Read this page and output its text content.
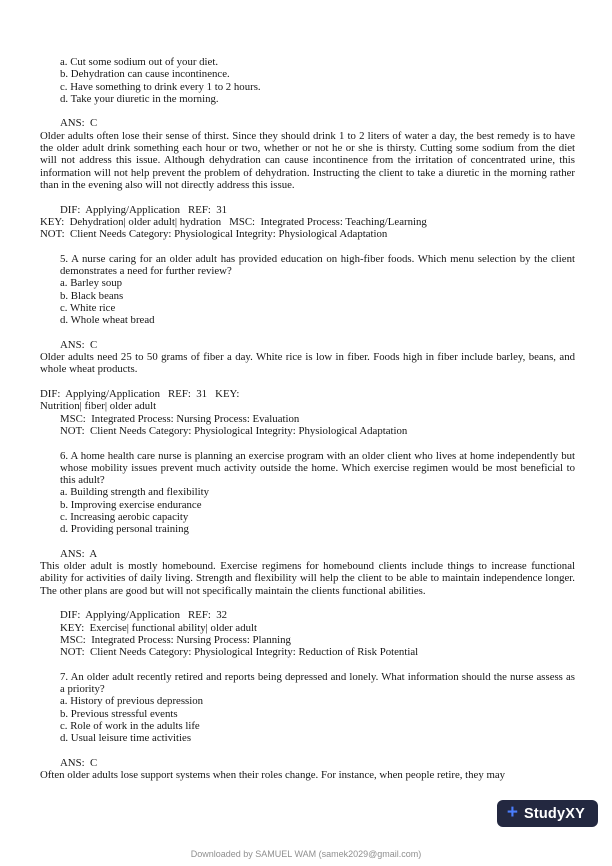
a. Cut some sodium out of your diet.
b. Dehydration can cause incontinence.
c. Have something to drink every 1 to 2 hours.
d. Take your diuretic in the morning.
ANS:  C
Older adults often lose their sense of thirst. Since they should drink 1 to 2 liters of water a day, the best remedy is to have the older adult drink something each hour or two, whether or not he or she is thirsty. Cutting some sodium from the diet will not address this issue. Although dehydration can cause incontinence from the irritation of concentrated urine, this information will not help prevent the problem of dehydration. Instructing the client to take a diuretic in the morning rather than in the evening also will not directly address this issue.
DIF:  Applying/Application   REF:  31
KEY:  Dehydration| older adult| hydration   MSC:  Integrated Process: Teaching/Learning
NOT:  Client Needs Category: Physiological Integrity: Physiological Adaptation
5. A nurse caring for an older adult has provided education on high-fiber foods. Which menu selection by the client demonstrates a need for further review?
a. Barley soup
b. Black beans
c. White rice
d. Whole wheat bread
ANS:  C
Older adults need 25 to 50 grams of fiber a day. White rice is low in fiber. Foods high in fiber include barley, beans, and whole wheat products.
DIF:  Applying/Application   REF:  31   KEY:
Nutrition| fiber| older adult
MSC:  Integrated Process: Nursing Process: Evaluation
NOT:  Client Needs Category: Physiological Integrity: Physiological Adaptation
6. A home health care nurse is planning an exercise program with an older client who lives at home independently but whose mobility issues prevent much activity outside the home. Which exercise regimen would be most beneficial to this adult?
a. Building strength and flexibility
b. Improving exercise endurance
c. Increasing aerobic capacity
d. Providing personal training
ANS:  A
This older adult is mostly homebound. Exercise regimens for homebound clients include things to increase functional ability for activities of daily living. Strength and flexibility will help the client to be able to maintain independence longer. The other plans are good but will not specifically maintain the clients functional abilities.
DIF:  Applying/Application   REF:  32
KEY:  Exercise| functional ability| older adult
MSC:  Integrated Process: Nursing Process: Planning
NOT:  Client Needs Category: Physiological Integrity: Reduction of Risk Potential
7. An older adult recently retired and reports being depressed and lonely. What information should the nurse assess as a priority?
a. History of previous depression
b. Previous stressful events
c. Role of work in the adults life
d. Usual leisure time activities
ANS:  C
Often older adults lose support systems when their roles change. For instance, when people retire, they may
+ StudyXY
Downloaded by SAMUEL WAM (samek2029@gmail.com)
